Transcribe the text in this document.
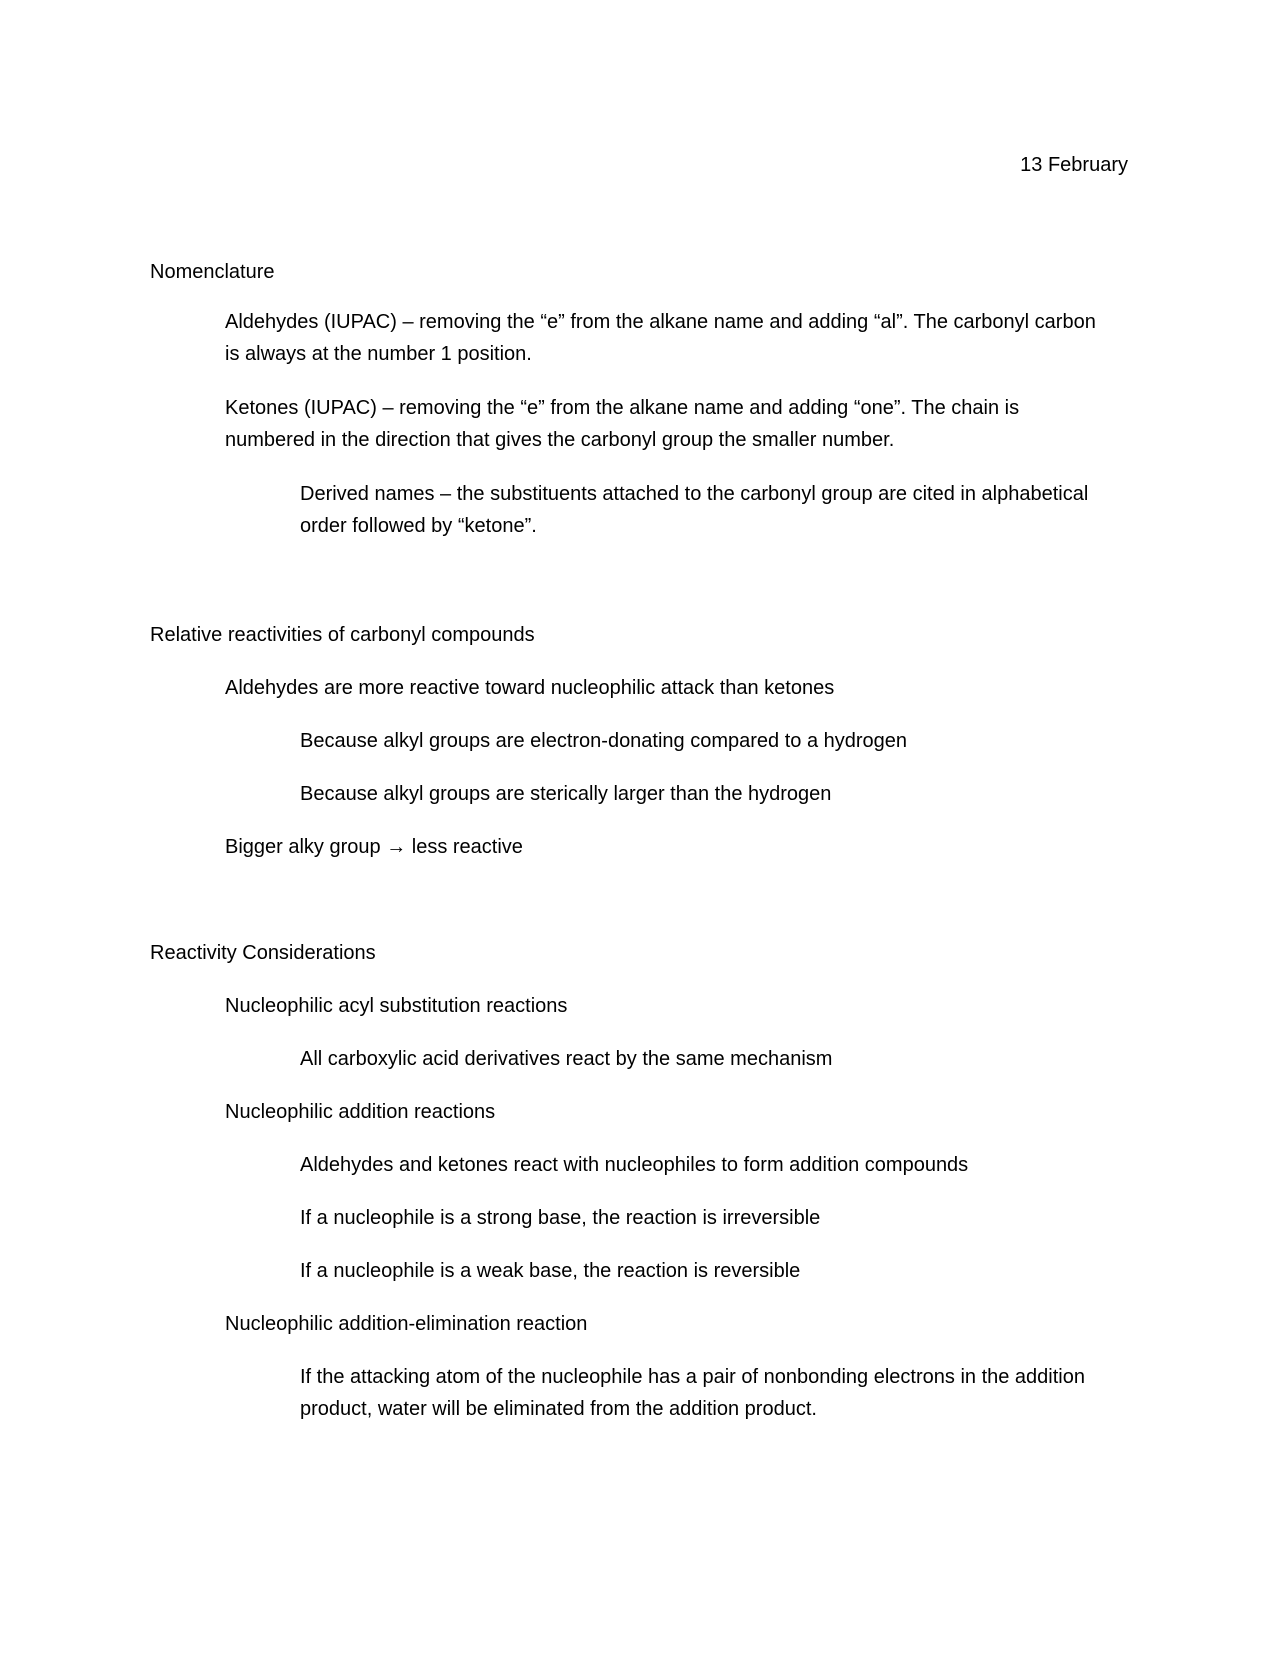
13 February

Nomenclature

Aldehydes (IUPAC) – removing the “e” from the alkane name and adding “al”. The carbonyl carbon is always at the number 1 position.

Ketones (IUPAC) – removing the “e” from the alkane name and adding “one”. The chain is numbered in the direction that gives the carbonyl group the smaller number.

Derived names – the substituents attached to the carbonyl group are cited in alphabetical order followed by “ketone”.

Relative reactivities of carbonyl compounds

Aldehydes are more reactive toward nucleophilic attack than ketones

Because alkyl groups are electron-donating compared to a hydrogen

Because alkyl groups are sterically larger than the hydrogen

Bigger alky group → less reactive

Reactivity Considerations

Nucleophilic acyl substitution reactions

All carboxylic acid derivatives react by the same mechanism

Nucleophilic addition reactions

Aldehydes and ketones react with nucleophiles to form addition compounds

If a nucleophile is a strong base, the reaction is irreversible

If a nucleophile is a weak base, the reaction is reversible

Nucleophilic addition-elimination reaction

If the attacking atom of the nucleophile has a pair of nonbonding electrons in the addition product, water will be eliminated from the addition product.
